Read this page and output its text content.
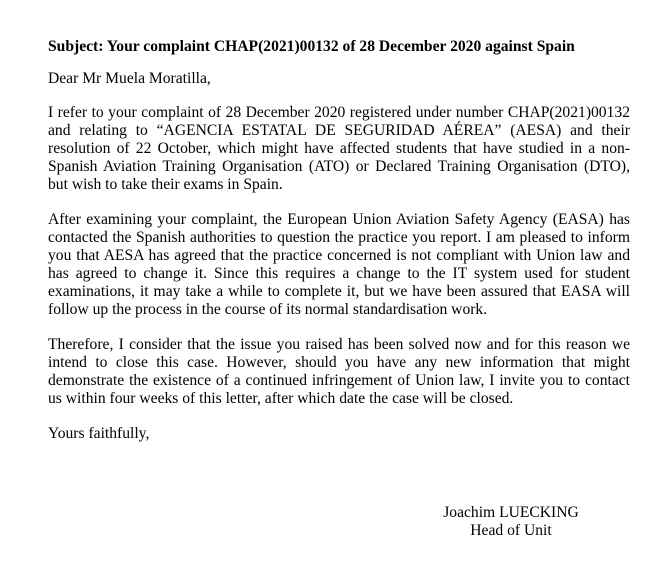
Subject: Your complaint CHAP(2021)00132 of 28 December 2020 against Spain
Dear Mr Muela Moratilla,
I refer to your complaint of 28 December 2020 registered under number CHAP(2021)00132 and relating to “AGENCIA ESTATAL DE SEGURIDAD AÉREA” (AESA) and their resolution of 22 October, which might have affected students that have studied in a non-Spanish Aviation Training Organisation (ATO) or Declared Training Organisation (DTO), but wish to take their exams in Spain.
After examining your complaint, the European Union Aviation Safety Agency (EASA) has contacted the Spanish authorities to question the practice you report. I am pleased to inform you that AESA has agreed that the practice concerned is not compliant with Union law and has agreed to change it. Since this requires a change to the IT system used for student examinations, it may take a while to complete it, but we have been assured that EASA will follow up the process in the course of its normal standardisation work.
Therefore, I consider that the issue you raised has been solved now and for this reason we intend to close this case. However, should you have any new information that might demonstrate the existence of a continued infringement of Union law, I invite you to contact us within four weeks of this letter, after which date the case will be closed.
Yours faithfully,
Joachim LUECKING
Head of Unit
